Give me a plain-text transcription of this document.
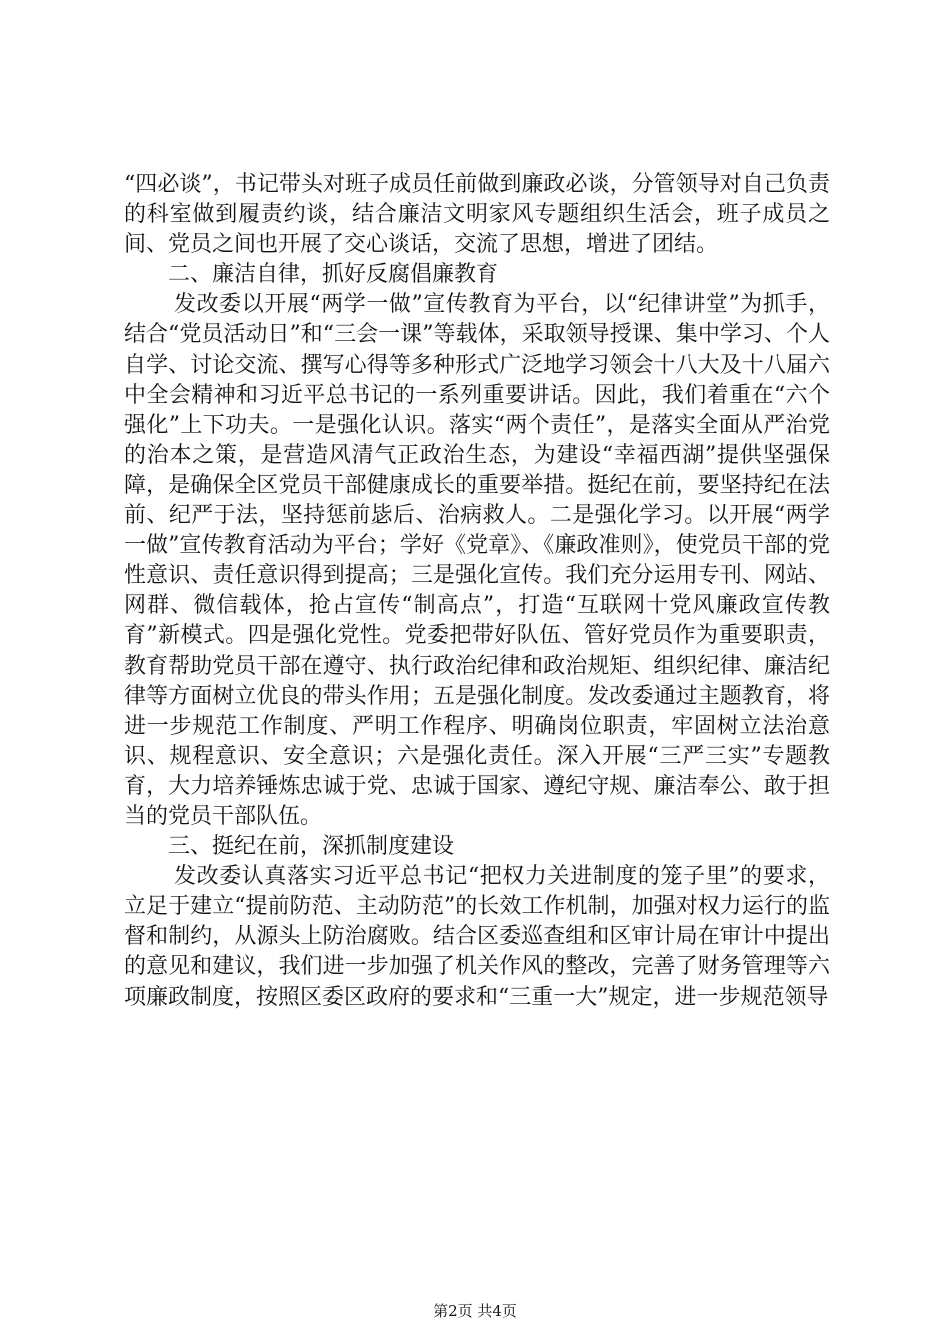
“四必谈”，书记带头对班子成员任前做到廉政必谈，分管领导对自己负责的科室做到履责约谈，结合廉洁文明家风专题组织生活会，班子成员之间、党员之间也开展了交心谈话，交流了思想，增进了团结。

二、廉洁自律，抓好反腐倡廉教育

发改委以开展“两学一做”宣传教育为平台，以“纪律讲堂”为抓手，结合“党员活动日”和“三会一课”等载体，采取领导授课、集中学习、个人自学、讨论交流、撰写心得等多种形式广泛地学习领会十八大及十八届六中全会精神和习近平总书记的一系列重要讲话。因此，我们着重在“六个强化”上下功夫。一是强化认识。落实“两个责任”，是落实全面从严治党的治本之策，是营造风清气正政治生态，为建设“幸福西湖”提供坚强保障，是确保全区党员干部健康成长的重要举措。挺纪在前，要坚持纪在法前、纪严于法，坚持惩前毖后、治病救人。二是强化学习。以开展“两学一做”宣传教育活动为平台；学好《党章》、《廉政准则》，使党员干部的党性意识、责任意识得到提高；三是强化宣传。我们充分运用专刊、网站、网群、微信载体，抢占宣传“制高点”，打造“互联网十党风廉政宣传教育”新模式。四是强化党性。党委把带好队伍、管好党员作为重要职责，教育帮助党员干部在遵守、执行政治纪律和政治规矩、组织纪律、廉洁纪律等方面树立优良的带头作用；五是强化制度。发改委通过主题教育，将进一步规范工作制度、严明工作程序、明确岗位职责，牢固树立法治意识、规程意识、安全意识；六是强化责任。深入开展“三严三实”专题教育，大力培养锤炼忠诚于党、忠诚于国家、遵纪守规、廉洁奉公、敢于担当的党员干部队伍。

三、挺纪在前，深抓制度建设

发改委认真落实习近平总书记“把权力关进制度的笼子里”的要求，立足于建立“提前防范、主动防范”的长效工作机制，加强对权力运行的监督和制约，从源头上防治腐败。结合区委巡查组和区审计局在审计中提出的意见和建议，我们进一步加强了机关作风的整改，完善了财务管理等六项廉政制度，按照区委区政府的要求和“三重一大”规定，进一步规范领导

第2页 共4页
